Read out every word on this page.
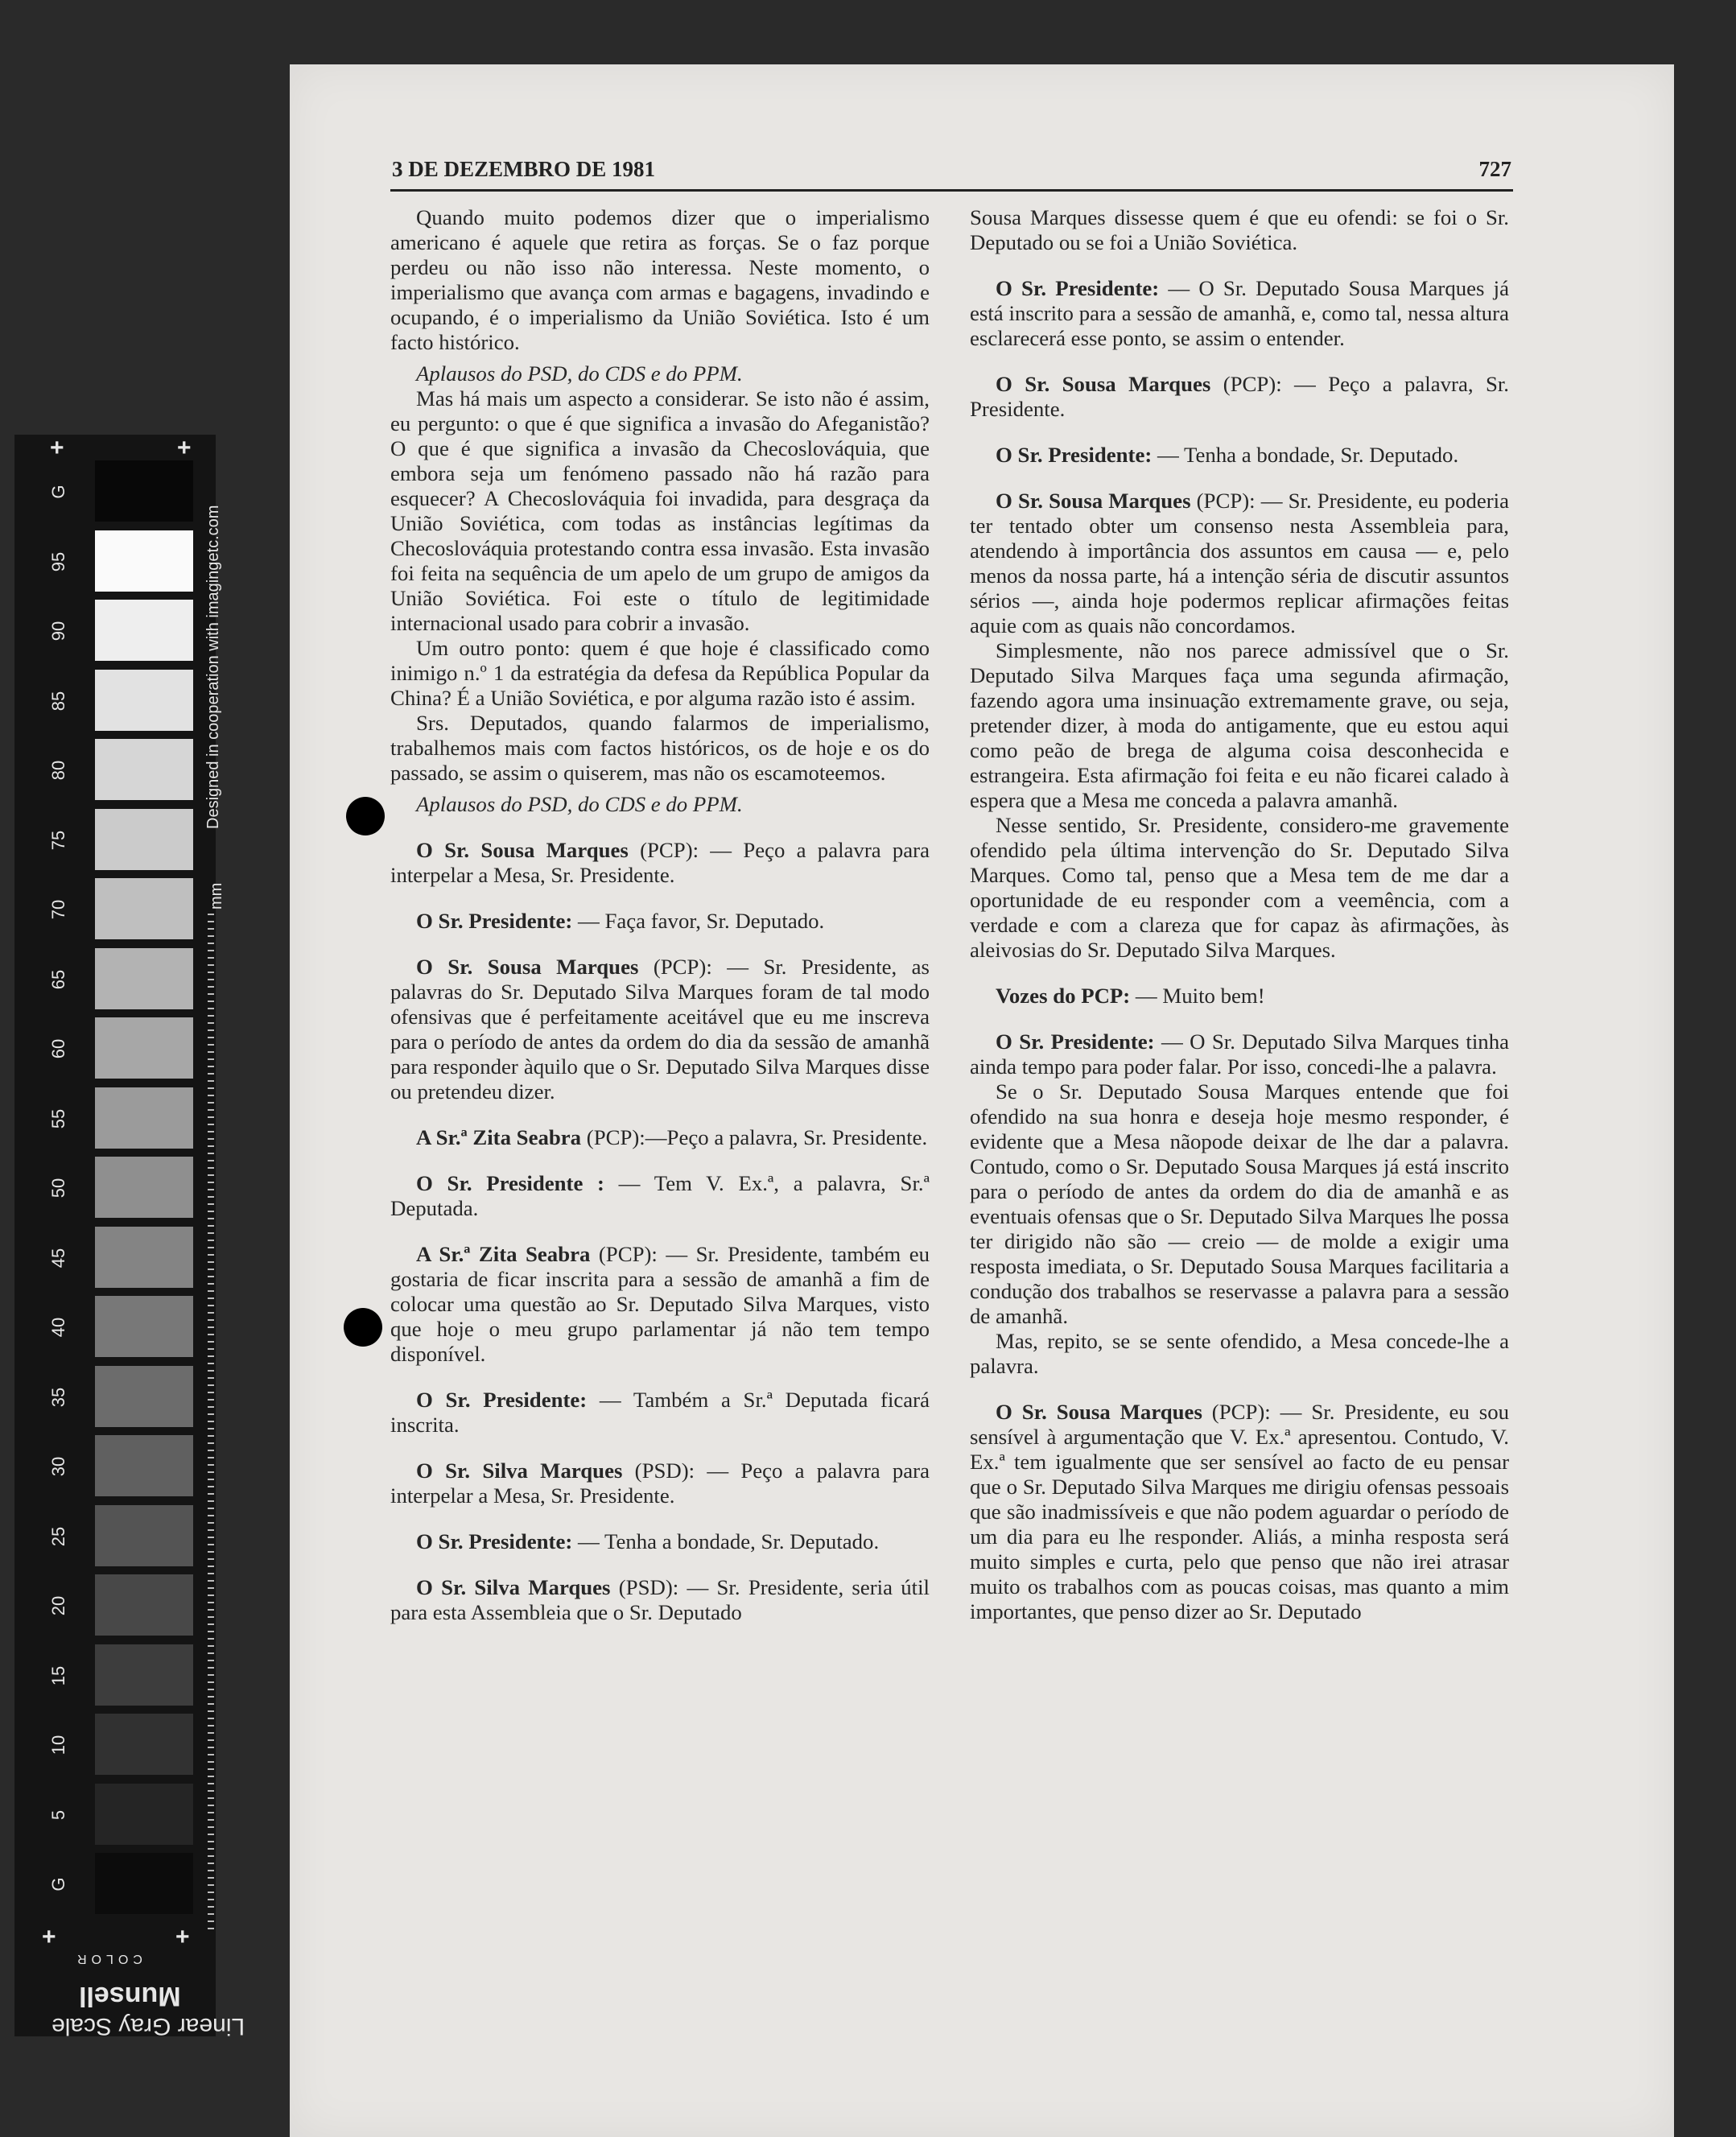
+	+
+	+
mm
Designed in cooperation with imagingetc.com
Linear Gray Scale
Munsell
COLOR
G
95
90
85
80
75
70
65
60
55
50
45
40
35
30
25
20
15
10
5
G
3 DE DEZEMBRO DE 1981	727

Quando muito podemos dizer que o imperialismo americano é aquele que retira as forças. Se o faz porque perdeu ou não isso não interessa. Neste momento, o imperialismo que avança com armas e bagagens, invadindo e ocupando, é o imperialismo da União Soviética. Isto é um facto histórico.

Aplausos do PSD, do CDS e do PPM.

Mas há mais um aspecto a considerar. Se isto não é assim, eu pergunto: o que é que significa a invasão do Afeganistão? O que é que significa a invasão da Checoslováquia, que embora seja um fenómeno passado não há razão para esquecer? A Checoslováquia foi invadida, para desgraça da União Soviética, com todas as instâncias legítimas da Checoslováquia protestando contra essa invasão. Esta invasão foi feita na sequência de um apelo de um grupo de amigos da União Soviética. Foi este o título de legitimidade internacional usado para cobrir a invasão.

Um outro ponto: quem é que hoje é classificado como inimigo n.º 1 da estratégia da defesa da República Popular da China? É a União Soviética, e por alguma razão isto é assim.

Srs. Deputados, quando falarmos de imperialismo, trabalhemos mais com factos históricos, os de hoje e os do passado, se assim o quiserem, mas não os escamoteemos.

Aplausos do PSD, do CDS e do PPM.

O Sr. Sousa Marques (PCP): — Peço a palavra para interpelar a Mesa, Sr. Presidente.

O Sr. Presidente: — Faça favor, Sr. Deputado.

O Sr. Sousa Marques (PCP): — Sr. Presidente, as palavras do Sr. Deputado Silva Marques foram de tal modo ofensivas que é perfeitamente aceitável que eu me inscreva para o período de antes da ordem do dia da sessão de amanhã para responder àquilo que o Sr. Deputado Silva Marques disse ou pretendeu dizer.

A Sr.ª Zita Seabra (PCP):—Peço a palavra, Sr. Presidente.

O Sr. Presidente : — Tem V. Ex.ª, a palavra, Sr.ª Deputada.

A Sr.ª Zita Seabra (PCP): — Sr. Presidente, também eu gostaria de ficar inscrita para a sessão de amanhã a fim de colocar uma questão ao Sr. Deputado Silva Marques, visto que hoje o meu grupo parlamentar já não tem tempo disponível.

O Sr. Presidente: — Também a Sr.ª Deputada ficará inscrita.

O Sr. Silva Marques (PSD): — Peço a palavra para interpelar a Mesa, Sr. Presidente.

O Sr. Presidente: — Tenha a bondade, Sr. Deputado.

O Sr. Silva Marques (PSD): — Sr. Presidente, seria útil para esta Assembleia que o Sr. Deputado

Sousa Marques dissesse quem é que eu ofendi: se foi o Sr. Deputado ou se foi a União Soviética.

O Sr. Presidente: — O Sr. Deputado Sousa Marques já está inscrito para a sessão de amanhã, e, como tal, nessa altura esclarecerá esse ponto, se assim o entender.

O Sr. Sousa Marques (PCP): — Peço a palavra, Sr. Presidente.

O Sr. Presidente: — Tenha a bondade, Sr. Deputado.

O Sr. Sousa Marques (PCP): — Sr. Presidente, eu poderia ter tentado obter um consenso nesta Assembleia para, atendendo à importância dos assuntos em causa — e, pelo menos da nossa parte, há a intenção séria de discutir assuntos sérios —, ainda hoje podermos replicar afirmações feitas aquie com as quais não concordamos.

Simplesmente, não nos parece admissível que o Sr. Deputado Silva Marques faça uma segunda afirmação, fazendo agora uma insinuação extremamente grave, ou seja, pretender dizer, à moda do antigamente, que eu estou aqui como peão de brega de alguma coisa desconhecida e estrangeira. Esta afirmação foi feita e eu não ficarei calado à espera que a Mesa me conceda a palavra amanhã.

Nesse sentido, Sr. Presidente, considero-me gravemente ofendido pela última intervenção do Sr. Deputado Silva Marques. Como tal, penso que a Mesa tem de me dar a oportunidade de eu responder com a veemência, com a verdade e com a clareza que for capaz às afirmações, às aleivosias do Sr. Deputado Silva Marques.

Vozes do PCP: — Muito bem!

O Sr. Presidente: — O Sr. Deputado Silva Marques tinha ainda tempo para poder falar. Por isso, concedi-lhe a palavra.

Se o Sr. Deputado Sousa Marques entende que foi ofendido na sua honra e deseja hoje mesmo responder, é evidente que a Mesa nãopode deixar de lhe dar a palavra. Contudo, como o Sr. Deputado Sousa Marques já está inscrito para o período de antes da ordem do dia de amanhã e as eventuais ofensas que o Sr. Deputado Silva Marques lhe possa ter dirigido não são — creio — de molde a exigir uma resposta imediata, o Sr. Deputado Sousa Marques facilitaria a condução dos trabalhos se reservasse a palavra para a sessão de amanhã.

Mas, repito, se se sente ofendido, a Mesa concede-lhe a palavra.

O Sr. Sousa Marques (PCP): — Sr. Presidente, eu sou sensível à argumentação que V. Ex.ª apresentou. Contudo, V. Ex.ª tem igualmente que ser sensível ao facto de eu pensar que o Sr. Deputado Silva Marques me dirigiu ofensas pessoais que são inadmissíveis e que não podem aguardar o período de um dia para eu lhe responder. Aliás, a minha resposta será muito simples e curta, pelo que penso que não irei atrasar muito os trabalhos com as poucas coisas, mas quanto a mim importantes, que penso dizer ao Sr. Deputado
